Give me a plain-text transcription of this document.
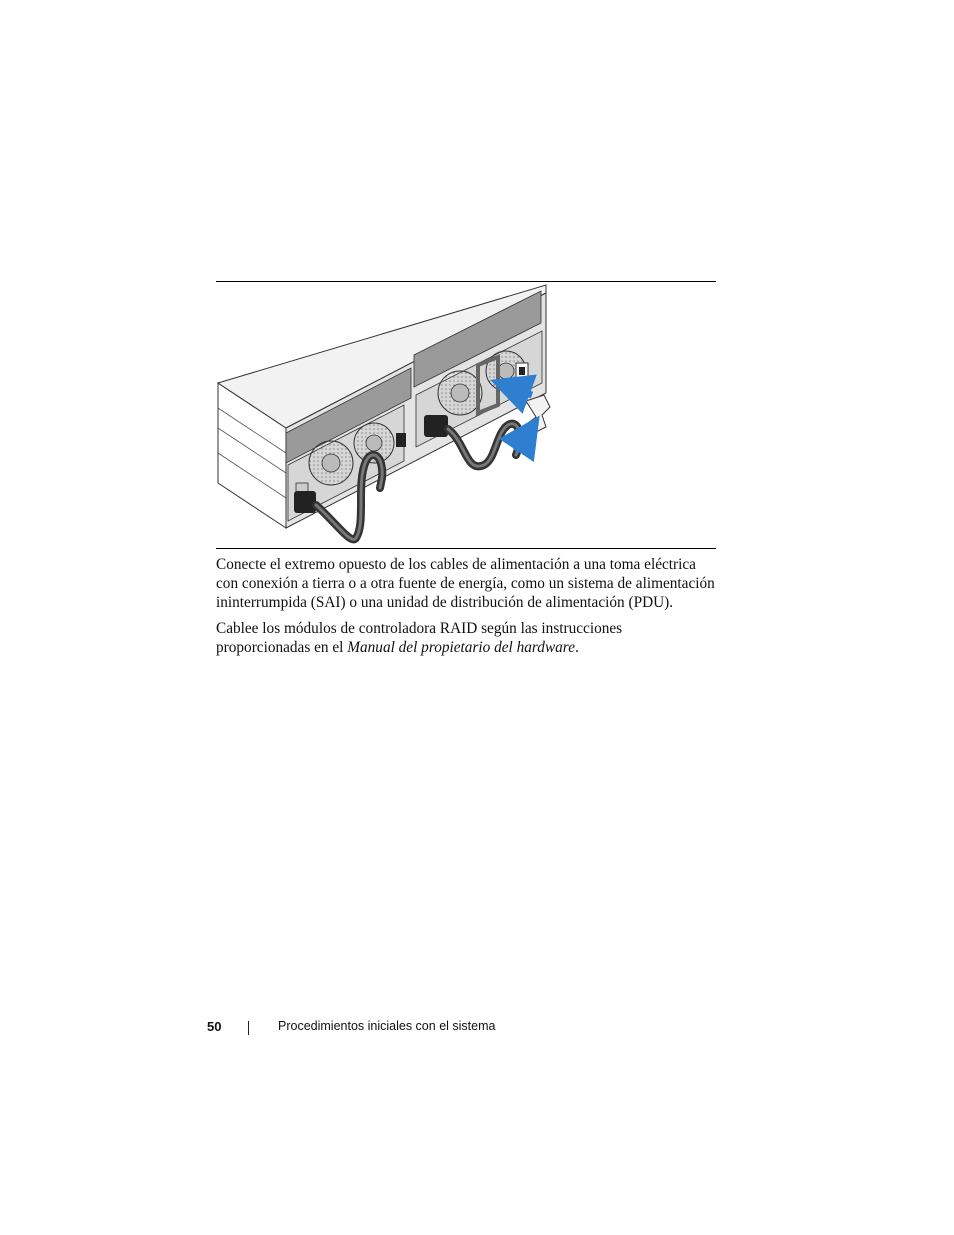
Conecte el extremo opuesto de los cables de alimentación a una toma eléctrica con conexión a tierra o a otra fuente de energía, como un sistema de alimentación ininterrumpida (SAI) o una unidad de distribución de alimentación (PDU).

Cablee los módulos de controladora RAID según las instrucciones proporcionadas en el Manual del propietario del hardware.

50	Procedimientos iniciales con el sistema
